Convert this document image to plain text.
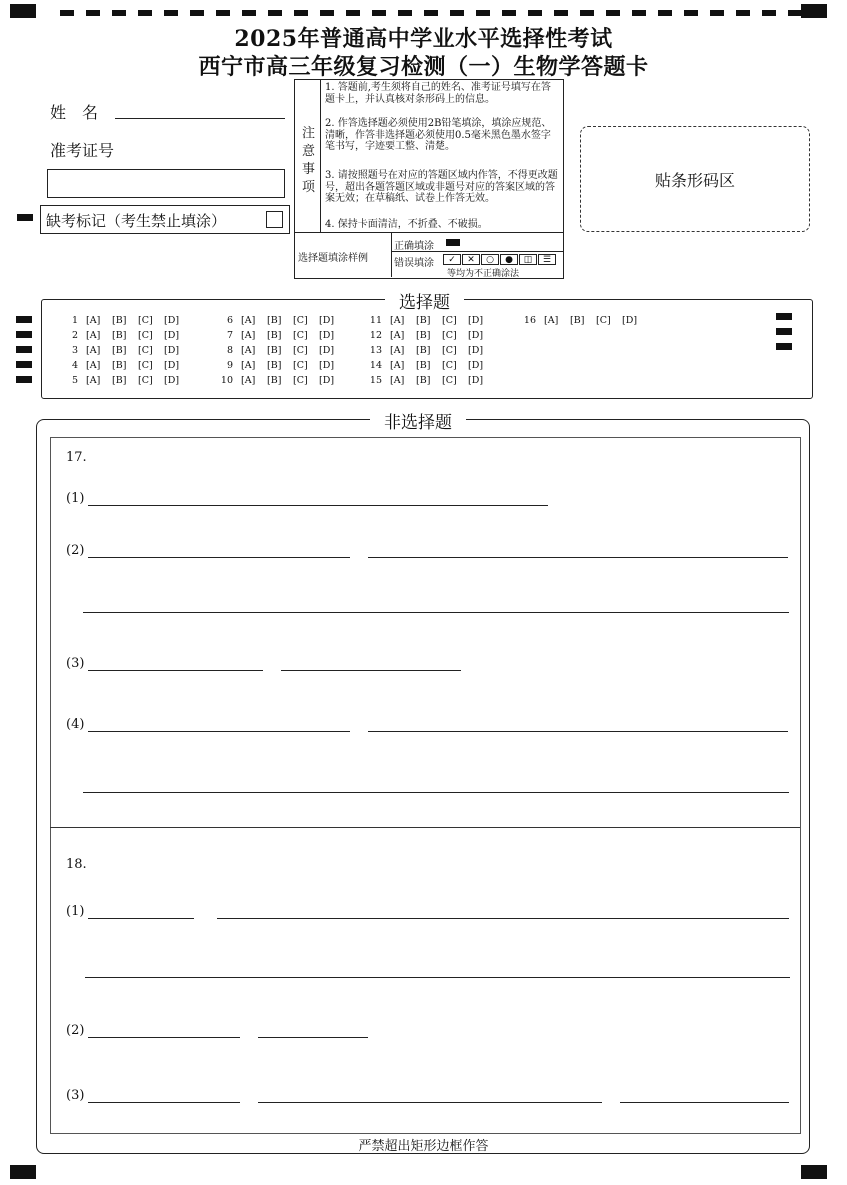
2025年普通高中学业水平选择性考试
西宁市高三年级复习检测（一）生物学答题卡
姓　名
准考证号
缺考标记（考生禁止填涂）
注意事项
1. 答题前,考生须将自己的姓名、准考证号填写在答题卡上，并认真核对条形码上的信息。
2. 作答选择题必须使用2B铅笔填涂，填涂应规范、清晰，作答非选择题必须使用0.5毫米黑色墨水签字笔书写，字迹要工整、清楚。
3. 请按照题号在对应的答题区域内作答，不得更改题号，超出各题答题区域或非题号对应的答案区域的答案无效；在草稿纸、试卷上作答无效。
4. 保持卡面清洁，不折叠、不破损。
选择题填涂样例
正确填涂
错误填涂	✓ ✕ ○ ● ◫ ☰
等均为不正确涂法
贴条形码区
选择题
1 [A] [B] [C] [D]
2 [A] [B] [C] [D]
3 [A] [B] [C] [D]
4 [A] [B] [C] [D]
5 [A] [B] [C] [D]
6 [A] [B] [C] [D]
7 [A] [B] [C] [D]
8 [A] [B] [C] [D]
9 [A] [B] [C] [D]
10 [A] [B] [C] [D]
11 [A] [B] [C] [D]
12 [A] [B] [C] [D]
13 [A] [B] [C] [D]
14 [A] [B] [C] [D]
15 [A] [B] [C] [D]
16 [A] [B] [C] [D]
非选择题
17.
(1)
(2)
(3)
(4)
18.
(1)
(2)
(3)
严禁超出矩形边框作答
